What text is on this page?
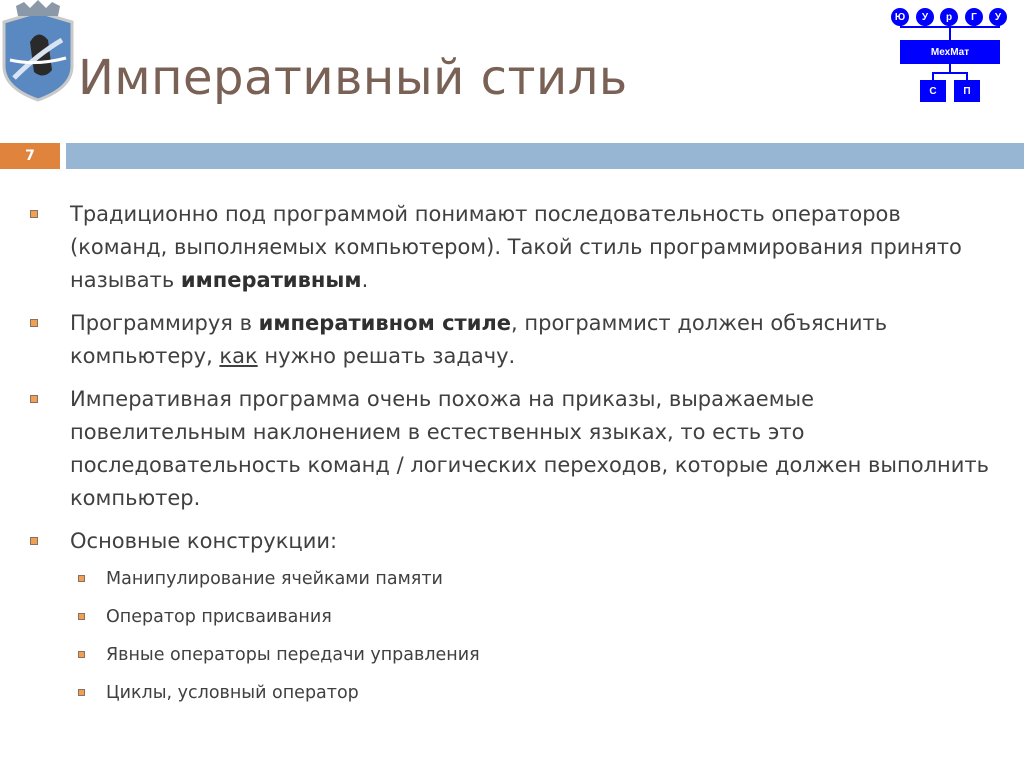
Императивный стиль
Ю	У	р	Г	У
МехМат
С	П
7
Традиционно под программой понимают последовательность операторов (команд, выполняемых компьютером). Такой стиль программирования принято называть императивным.
Программируя в императивном стиле, программист должен объяснить компьютеру, как нужно решать задачу.
Императивная программа очень похожа на приказы, выражаемые повелительным наклонением в естественных языках, то есть это последовательность команд / логических переходов, которые должен выполнить компьютер.
Основные конструкции:
Манипулирование ячейками памяти
Оператор присваивания
Явные операторы передачи управления
Циклы, условный оператор
